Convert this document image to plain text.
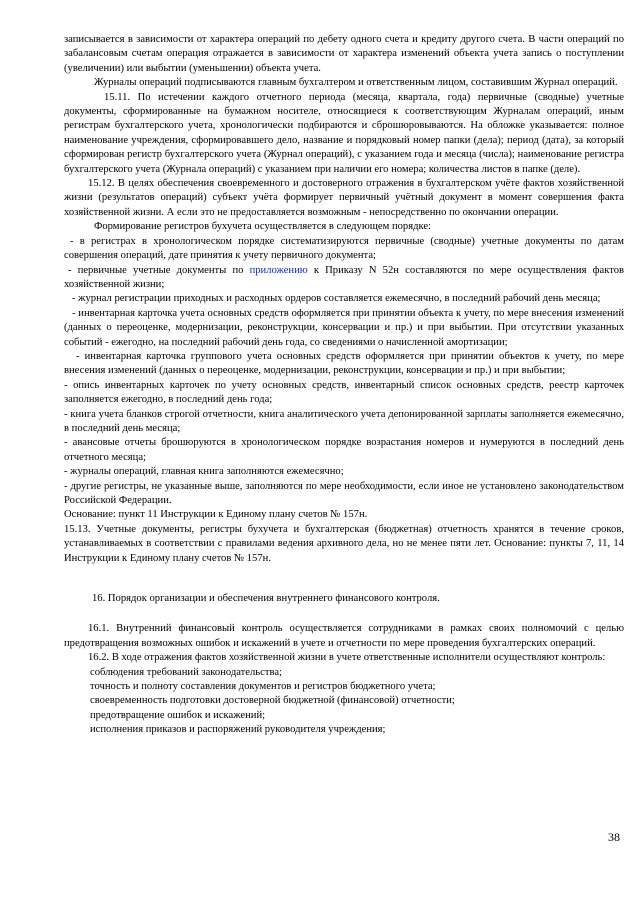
записывается в зависимости от характера операций по дебету одного счета и кредиту другого счета. В части операций по забалансовым счетам операция отражается в зависимости от характера изменений объекта учета запись о поступлении (увеличении) или выбытии (уменьшении) объекта учета.

Журналы операций подписываются главным бухгалтером и ответственным лицом, составившим Журнал операций.

15.11. По истечении каждого отчетного периода (месяца, квартала, года) первичные (сводные) учетные документы, сформированные на бумажном носителе, относящиеся к соответствующим Журналам операций, иным регистрам бухгалтерского учета, хронологически подбираются и сброшюровываются. На обложке указывается: полное наименование учреждения, сформировавшего дело, название и порядковый номер папки (дела); период (дата), за который сформирован регистр бухгалтерского учета (Журнал операций), с указанием года и месяца (числа); наименование регистра бухгалтерского учета (Журнала операций) с указанием при наличии его номера; количества листов в папке (деле).

15.12. В целях обеспечения своевременного и достоверного отражения в бухгалтерском учёте фактов хозяйственной жизни (результатов операций) субъект учёта формирует первичный учётный документ в момент совершения факта хозяйственной жизни. А если это не предоставляется возможным - непосредственно по окончании операции.

Формирование регистров бухучета осуществляется в следующем порядке:

- в регистрах в хронологическом порядке систематизируются первичные (сводные) учетные документы по датам совершения операций, дате принятия к учету первичного документа;

- первичные учетные документы по приложению к Приказу N 52н составляются по мере осуществления фактов хозяйственной жизни;

- журнал регистрации приходных и расходных ордеров составляется ежемесячно, в последний рабочий день месяца;

- инвентарная карточка учета основных средств оформляется при принятии объекта к учету, по мере внесения изменений (данных о переоценке, модернизации, реконструкции, консервации и пр.) и при выбытии. При отсутствии указанных событий - ежегодно, на последний рабочий день года, со сведениями о начисленной амортизации;

- инвентарная карточка группового учета основных средств оформляется при принятии объектов к учету, по мере внесения изменений (данных о переоценке, модернизации, реконструкции, консервации и пр.) и при выбытии;

- опись инвентарных карточек по учету основных средств, инвентарный список основных средств, реестр карточек заполняется ежегодно, в последний день года;

- книга учета бланков строгой отчетности, книга аналитического учета депонированной зарплаты заполняется ежемесячно, в последний день месяца;

- авансовые отчеты брошюруются в хронологическом порядке возрастания номеров и нумеруются в последний день отчетного месяца;

- журналы операций, главная книга заполняются ежемесячно;

- другие регистры, не указанные выше, заполняются по мере необходимости, если иное не установлено законодательством Российской Федерации.

Основание: пункт 11 Инструкции к Единому плану счетов № 157н.

15.13. Учетные документы, регистры бухучета и бухгалтерская (бюджетная) отчетность хранятся в течение сроков, устанавливаемых в соответствии с правилами ведения архивного дела, но не менее пяти лет. Основание: пункты 7, 11, 14 Инструкции к Единому плану счетов № 157н.

16. Порядок организации и обеспечения внутреннего финансового контроля.

16.1. Внутренний финансовый контроль осуществляется сотрудниками в рамках своих полномочий с целью предотвращения возможных ошибок и искажений в учете и отчетности по мере проведения бухгалтерских операций.

16.2. В ходе отражения фактов хозяйственной жизни в учете ответственные исполнители осуществляют контроль:

соблюдения требований законодательства;

точность и полноту составления документов и регистров бюджетного учета;

своевременность подготовки достоверной бюджетной (финансовой) отчетности;

предотвращение ошибок и искажений;

исполнения приказов и распоряжений руководителя учреждения;

38
